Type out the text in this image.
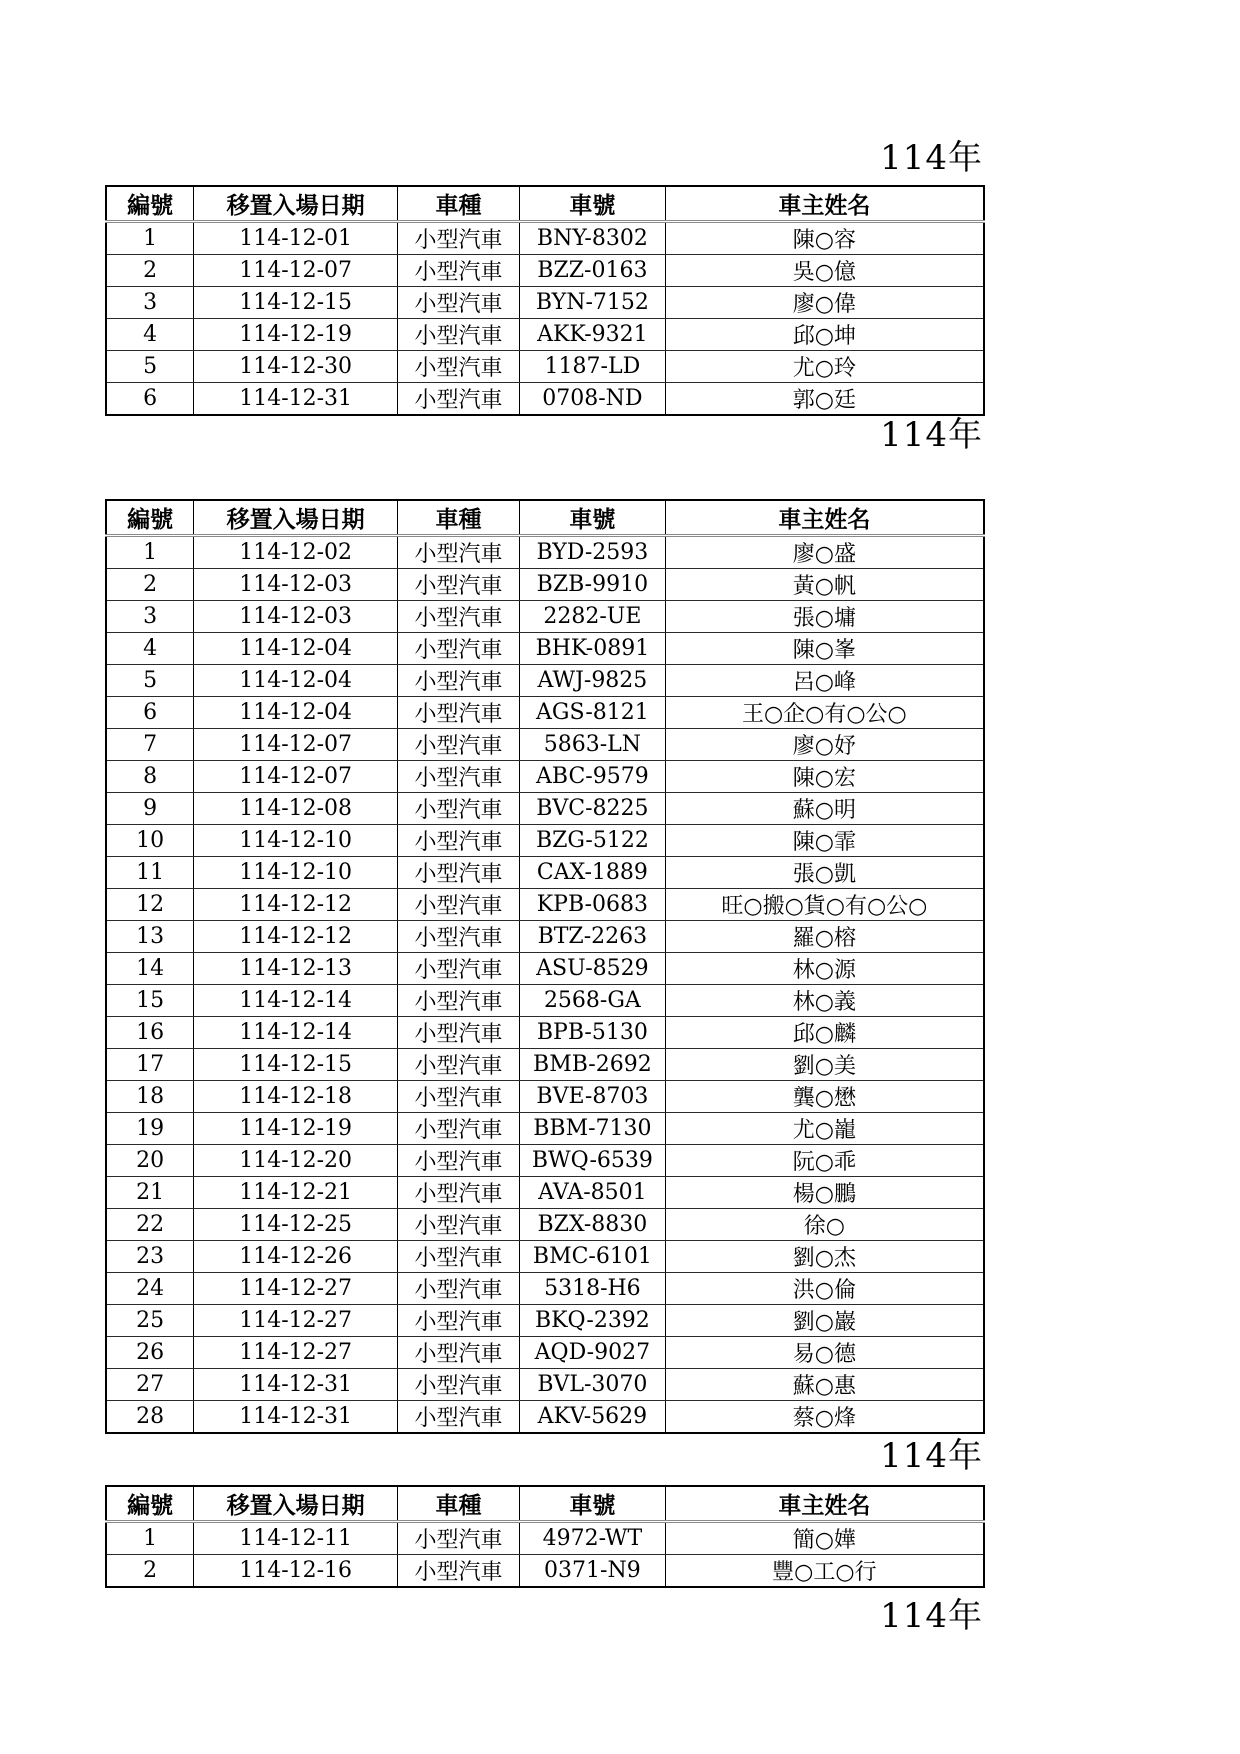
114年
編號	移置入場日期	車種	車號	車主姓名
1	114-12-01	小型汽車	BNY-8302	陳○容
2	114-12-07	小型汽車	BZZ-0163	吳○億
3	114-12-15	小型汽車	BYN-7152	廖○偉
4	114-12-19	小型汽車	AKK-9321	邱○坤
5	114-12-30	小型汽車	1187-LD	尤○玲
6	114-12-31	小型汽車	0708-ND	郭○廷
114年
編號	移置入場日期	車種	車號	車主姓名
1	114-12-02	小型汽車	BYD-2593	廖○盛
2	114-12-03	小型汽車	BZB-9910	黃○帆
3	114-12-03	小型汽車	2282-UE	張○墉
4	114-12-04	小型汽車	BHK-0891	陳○峯
5	114-12-04	小型汽車	AWJ-9825	呂○峰
6	114-12-04	小型汽車	AGS-8121	王○企○有○公○
7	114-12-07	小型汽車	5863-LN	廖○妤
8	114-12-07	小型汽車	ABC-9579	陳○宏
9	114-12-08	小型汽車	BVC-8225	蘇○明
10	114-12-10	小型汽車	BZG-5122	陳○霏
11	114-12-10	小型汽車	CAX-1889	張○凱
12	114-12-12	小型汽車	KPB-0683	旺○搬○貨○有○公○
13	114-12-12	小型汽車	BTZ-2263	羅○榕
14	114-12-13	小型汽車	ASU-8529	林○源
15	114-12-14	小型汽車	2568-GA	林○義
16	114-12-14	小型汽車	BPB-5130	邱○麟
17	114-12-15	小型汽車	BMB-2692	劉○美
18	114-12-18	小型汽車	BVE-8703	龔○懋
19	114-12-19	小型汽車	BBM-7130	尤○巃
20	114-12-20	小型汽車	BWQ-6539	阮○乖
21	114-12-21	小型汽車	AVA-8501	楊○鵬
22	114-12-25	小型汽車	BZX-8830	徐○
23	114-12-26	小型汽車	BMC-6101	劉○杰
24	114-12-27	小型汽車	5318-H6	洪○倫
25	114-12-27	小型汽車	BKQ-2392	劉○巖
26	114-12-27	小型汽車	AQD-9027	易○德
27	114-12-31	小型汽車	BVL-3070	蘇○惠
28	114-12-31	小型汽車	AKV-5629	蔡○烽
114年
編號	移置入場日期	車種	車號	車主姓名
1	114-12-11	小型汽車	4972-WT	簡○嬅
2	114-12-16	小型汽車	0371-N9	豐○工○行
114年
